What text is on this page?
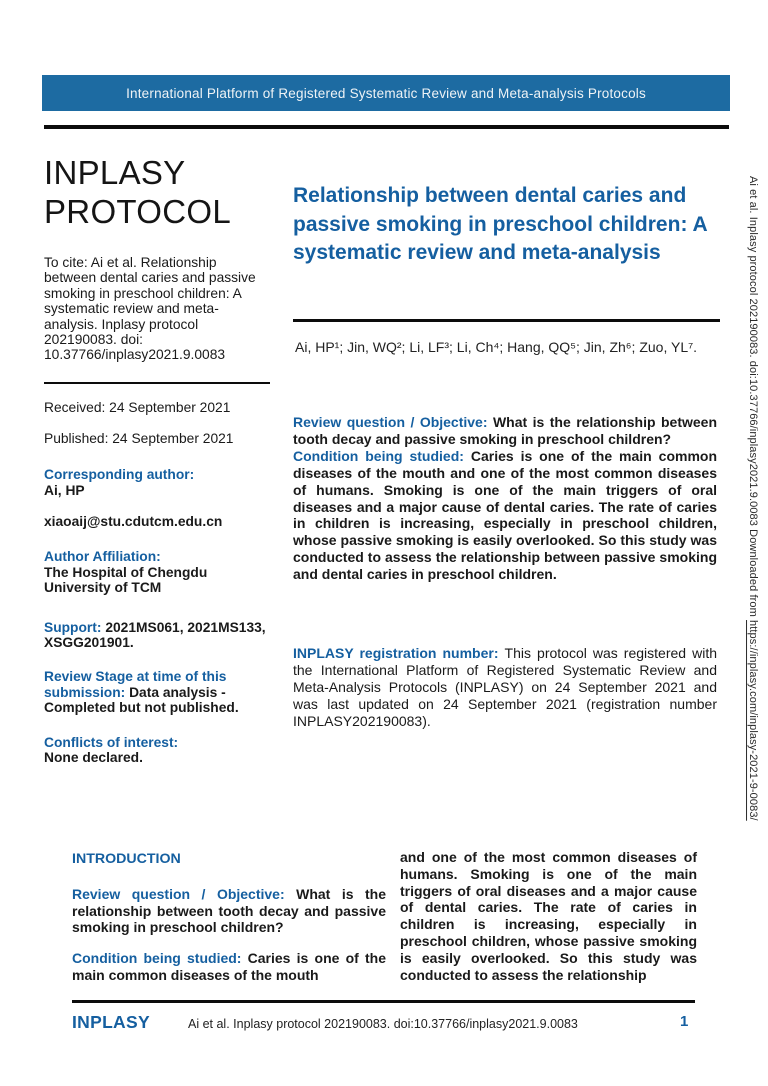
International Platform of Registered Systematic Review and Meta-analysis Protocols
INPLASY
PROTOCOL

To cite: Ai et al. Relationship between dental caries and passive smoking in preschool children: A systematic review and meta-analysis. Inplasy protocol 202190083. doi: 10.37766/inplasy2021.9.0083

Received: 24 September 2021

Published: 24 September 2021

Corresponding author:
Ai, HP

xiaoaij@stu.cdutcm.edu.cn

Author Affiliation:
The Hospital of Chengdu University of TCM

Support: 2021MS061, 2021MS133, XSGG201901.

Review Stage at time of this submission: Data analysis - Completed but not published.

Conflicts of interest:
None declared.

Relationship between dental caries and passive smoking in preschool children: A systematic review and meta-analysis

Ai, HP¹; Jin, WQ²; Li, LF³; Li, Ch⁴; Hang, QQ⁵; Jin, Zh⁶; Zuo, YL⁷.

Review question / Objective: What is the relationship between tooth decay and passive smoking in preschool children?

Condition being studied: Caries is one of the main common diseases of the mouth and one of the most common diseases of humans. Smoking is one of the main triggers of oral diseases and a major cause of dental caries. The rate of caries in children is increasing, especially in preschool children, whose passive smoking is easily overlooked. So this study was conducted to assess the relationship between passive smoking and dental caries in preschool children.

INPLASY registration number: This protocol was registered with the International Platform of Registered Systematic Review and Meta-Analysis Protocols (INPLASY) on 24 September 2021 and was last updated on 24 September 2021 (registration number INPLASY202190083).

INTRODUCTION

Review question / Objective: What is the relationship between tooth decay and passive smoking in preschool children?

Condition being studied: Caries is one of the main common diseases of the mouth

and one of the most common diseases of humans. Smoking is one of the main triggers of oral diseases and a major cause of dental caries. The rate of caries in children is increasing, especially in preschool children, whose passive smoking is easily overlooked. So this study was conducted to assess the relationship

INPLASY	Ai et al. Inplasy protocol 202190083. doi:10.37766/inplasy2021.9.0083	1
Ai et al. Inplasy protocol 202190083. doi:10.37766/inplasy2021.9.0083 Downloaded from https://inplasy.com/inplasy-2021-9-0083/
